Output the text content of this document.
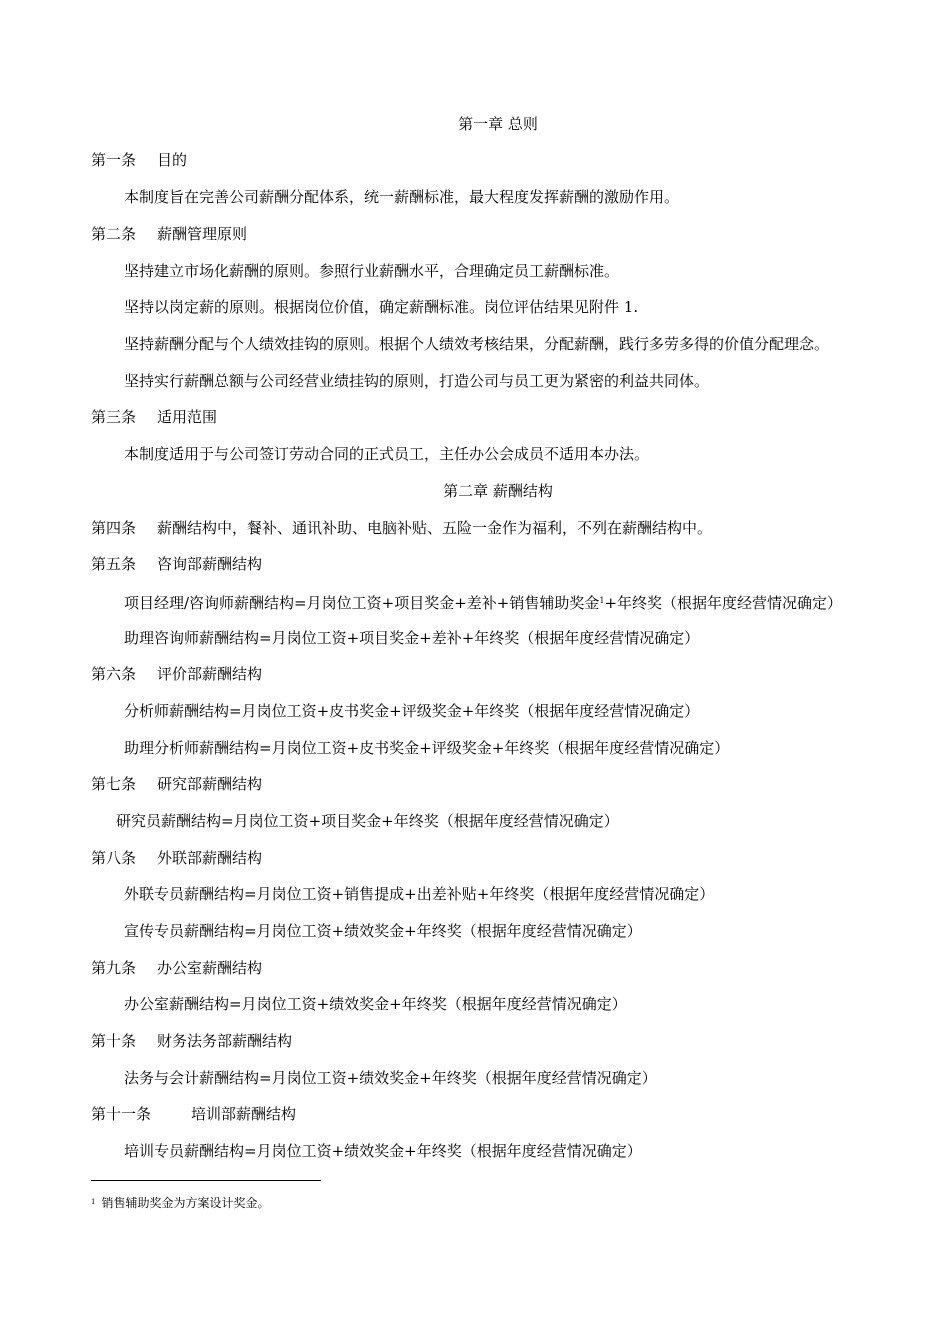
第一章 总则
第一条 目的
本制度旨在完善公司薪酬分配体系，统一薪酬标准，最大程度发挥薪酬的激励作用。
第二条 薪酬管理原则
坚持建立市场化薪酬的原则。参照行业薪酬水平，合理确定员工薪酬标准。
坚持以岗定薪的原则。根据岗位价值，确定薪酬标准。岗位评估结果见附件 1.
坚持薪酬分配与个人绩效挂钩的原则。根据个人绩效考核结果，分配薪酬，践行多劳多得的价值分配理念。
坚持实行薪酬总额与公司经营业绩挂钩的原则，打造公司与员工更为紧密的利益共同体。
第三条 适用范围
本制度适用于与公司签订劳动合同的正式员工，主任办公会成员不适用本办法。
第二章 薪酬结构
第四条 薪酬结构中，餐补、通讯补助、电脑补贴、五险一金作为福利，不列在薪酬结构中。
第五条 咨询部薪酬结构
项目经理/咨询师薪酬结构=月岗位工资+项目奖金+差补+销售辅助奖金$^1$+年终奖（根据年度经营情况确定）
助理咨询师薪酬结构=月岗位工资+项目奖金+差补+年终奖（根据年度经营情况确定）
第六条 评价部薪酬结构
分析师薪酬结构=月岗位工资+皮书奖金+评级奖金+年终奖（根据年度经营情况确定）
助理分析师薪酬结构=月岗位工资+皮书奖金+评级奖金+年终奖（根据年度经营情况确定）
第七条 研究部薪酬结构
研究员薪酬结构=月岗位工资+项目奖金+年终奖（根据年度经营情况确定）
第八条 外联部薪酬结构
外联专员薪酬结构=月岗位工资+销售提成+出差补贴+年终奖（根据年度经营情况确定）
宣传专员薪酬结构=月岗位工资+绩效奖金+年终奖（根据年度经营情况确定）
第九条 办公室薪酬结构
办公室薪酬结构=月岗位工资+绩效奖金+年终奖（根据年度经营情况确定）
第十条 财务法务部薪酬结构
法务与会计薪酬结构=月岗位工资+绩效奖金+年终奖（根据年度经营情况确定）
第十一条	培训部薪酬结构
培训专员薪酬结构=月岗位工资+绩效奖金+年终奖（根据年度经营情况确定）
$^1$ 销售辅助奖金为方案设计奖金。
